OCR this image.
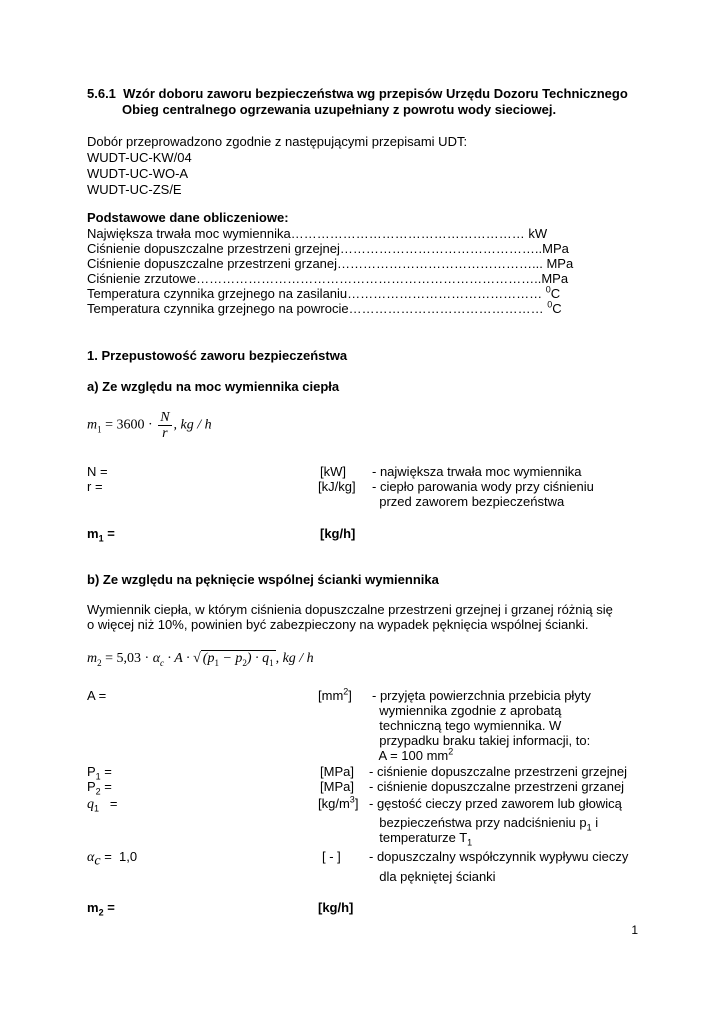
5.6.1 Wzór doboru zaworu bezpieczeństwa wg przepisów Urzędu Dozoru Technicznego
Obieg centralnego ogrzewania uzupełniany z powrotu wody sieciowej.
Dobór przeprowadzono zgodnie z następującymi przepisami UDT:
WUDT-UC-KW/04
WUDT-UC-WO-A
WUDT-UC-ZS/E
Podstawowe dane obliczeniowe:
Największa trwała moc wymiennika……………………………………………… kW
Ciśnienie dopuszczalne przestrzeni grzejnej………………………………………..MPa
Ciśnienie dopuszczalne przestrzeni grzanej………………………………………... MPa
Ciśnienie zrzutowe……………………………………………………………………..MPa
Temperatura czynnika grzejnego na zasilaniu……………………………………… $^0$C
Temperatura czynnika grzejnego na powrocie……………………………………… $^0$C
1. Przepustowość zaworu bezpieczeństwa
a) Ze względu na moc wymiennika ciepła
$m_1 = 3600 \cdot \frac{N}{r}$ , kg / h
N =	[kW] - największa trwała moc wymiennika
r =	[kJ/kg] - ciepło parowania wody przy ciśnieniu
przed zaworem bezpieczeństwa
$m_1$ =	[kg/h]
b) Ze względu na pęknięcie wspólnej ścianki wymiennika
Wymiennik ciepła, w którym ciśnienia dopuszczalne przestrzeni grzejnej i grzanej różnią się
o więcej niż 10%, powinien być zabezpieczony na wypadek pęknięcia wspólnej ścianki.
$m_2 = 5,03 \cdot \alpha_c \cdot A$ · √ $(p_1 - p_2) \cdot q_1$ , kg / h
A =	$[mm^2]$ - przyjęta powierzchnia przebicia płyty
wymiennika zgodnie z aprobatą
techniczną tego wymiennika. W
przypadku braku takiej informacji, to:
A = 100 $mm^2$
$P_1$ =	[MPa] - ciśnienie dopuszczalne przestrzeni grzejnej
$P_2$ =	[MPa] - ciśnienie dopuszczalne przestrzeni grzanej
$q_1$   =	$[kg/m^3]$ - gęstość cieczy przed zaworem lub głowicą
bezpieczeństwa przy nadciśnieniu $p_1$ i
temperaturze $T_1$
$\alpha_c = 1,0$	[ - ] - dopuszczalny współczynnik wypływu cieczy
dla pękniętej ścianki
$m_2$ =	[kg/h]
1
